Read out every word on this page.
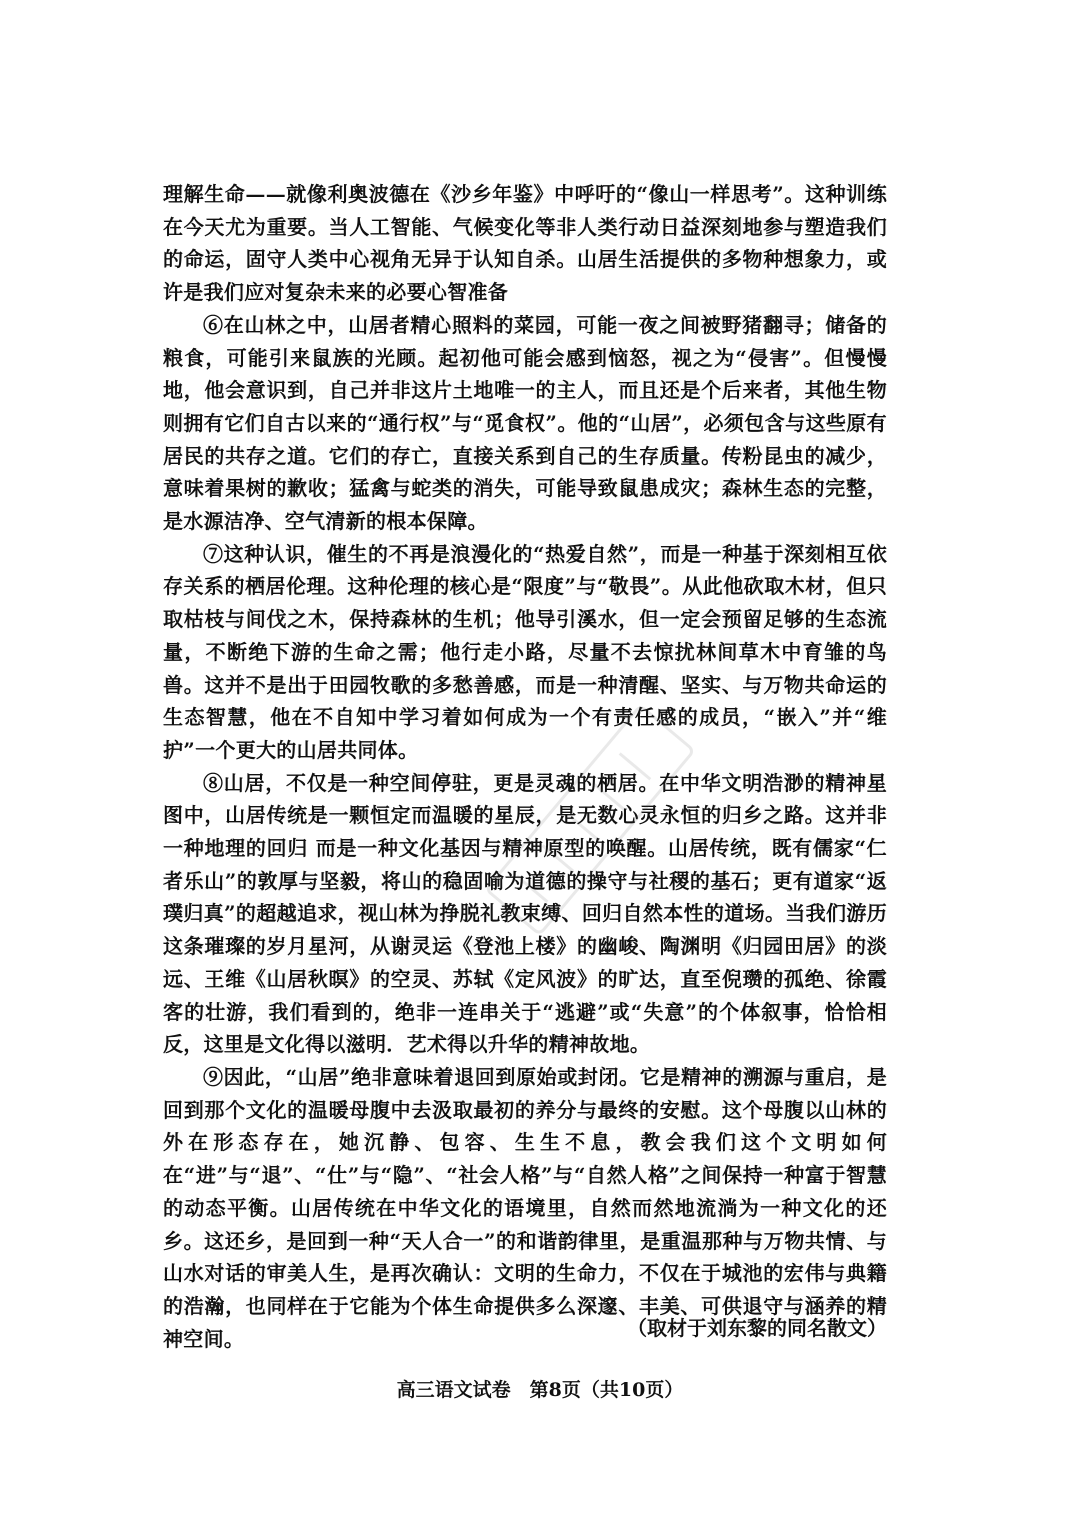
理解生命——就像利奥波德在《沙乡年鉴》中呼吁的“像山一样思考”。这种训练在今天尤为重要。当人工智能、气候变化等非人类行动日益深刻地参与塑造我们的命运，固守人类中心视角无异于认知自杀。山居生活提供的多物种想象力，或许是我们应对复杂未来的必要心智准备

⑥在山林之中，山居者精心照料的菜园，可能一夜之间被野猪翻寻；储备的粮食，可能引来鼠族的光顾。起初他可能会感到恼怒，视之为“侵害”。但慢慢地，他会意识到，自己并非这片土地唯一的主人，而且还是个后来者，其他生物则拥有它们自古以来的“通行权”与“觅食权”。他的“山居”，必须包含与这些原有居民的共存之道。它们的存亡，直接关系到自己的生存质量。传粉昆虫的减少，意味着果树的歉收；猛禽与蛇类的消失，可能导致鼠患成灾；森林生态的完整，是水源洁净、空气清新的根本保障。

⑦这种认识，催生的不再是浪漫化的“热爱自然”，而是一种基于深刻相互依存关系的栖居伦理。这种伦理的核心是“限度”与“敬畏”。从此他砍取木材，但只取枯枝与间伐之木，保持森林的生机；他导引溪水，但一定会预留足够的生态流量，不断绝下游的生命之需；他行走小路，尽量不去惊扰林间草木中育雏的鸟兽。这并不是出于田园牧歌的多愁善感，而是一种清醒、坚实、与万物共命运的生态智慧，他在不自知中学习着如何成为一个有责任感的成员，“嵌入”并“维护”一个更大的山居共同体。

⑧山居，不仅是一种空间停驻，更是灵魂的栖居。在中华文明浩渺的精神星图中，山居传统是一颗恒定而温暖的星辰，是无数心灵永恒的归乡之路。这并非一种地理的回归 而是一种文化基因与精神原型的唤醒。山居传统，既有儒家“仁者乐山”的敦厚与坚毅，将山的稳固喻为道德的操守与社稷的基石；更有道家“返璞归真”的超越追求，视山林为挣脱礼教束缚、回归自然本性的道场。当我们游历这条璀璨的岁月星河，从谢灵运《登池上楼》的幽峻、陶渊明《归园田居》的淡远、王维《山居秋暝》的空灵、苏轼《定风波》的旷达，直至倪瓒的孤绝、徐霞客的壮游，我们看到的，绝非一连串关于“逃避”或“失意”的个体叙事，恰恰相反，这里是文化得以滋明．艺术得以升华的精神故地。

⑨因此，“山居”绝非意味着退回到原始或封闭。它是精神的溯源与重启，是回到那个文化的温暖母腹中去汲取最初的养分与最终的安慰。这个母腹以山林的外在形态存在，她沉静、包容、生生不息，教会我们这个文明如何在“进”与“退”、“仕”与“隐”、“社会人格”与“自然人格”之间保持一种富于智慧的动态平衡。山居传统在中华文化的语境里，自然而然地流淌为一种文化的还乡。这还乡，是回到一种“天人合一”的和谐韵律里，是重温那种与万物共情、与山水对话的审美人生，是再次确认：文明的生命力，不仅在于城池的宏伟与典籍的浩瀚，也同样在于它能为个体生命提供多么深邃、丰美、可供退守与涵养的精神空间。	（取材于刘东黎的同名散文）
高三语文试卷　第8页（共10页）
